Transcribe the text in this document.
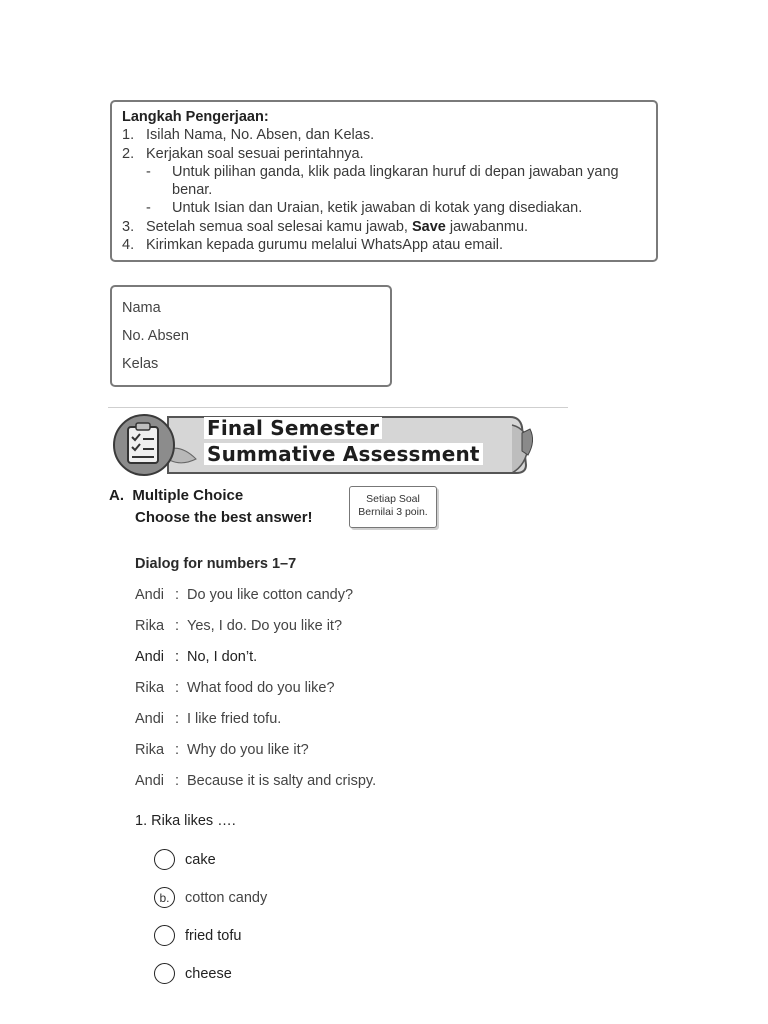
Langkah Pengerjaan:
1. Isilah Nama, No. Absen, dan Kelas.
2. Kerjakan soal sesuai perintahnya.
-	Untuk pilihan ganda, klik pada lingkaran huruf di depan jawaban yang benar.
-	Untuk Isian dan Uraian, ketik jawaban di kotak yang disediakan.
3. Setelah semua soal selesai kamu jawab, Save jawabanmu.
4. Kirimkan kepada gurumu melalui WhatsApp atau email.
Nama
No. Absen
Kelas
Final Semester
Summative Assessment
A. Multiple Choice
Choose the best answer!
Setiap Soal
Bernilai 3 poin.
Dialog for numbers 1–7
Andi : Do you like cotton candy?
Rika : Yes, I do. Do you like it?
Andi : No, I don’t.
Rika : What food do you like?
Andi : I like fried tofu.
Rika : Why do you like it?
Andi : Because it is salty and crispy.
1. Rika likes ….
cake
b.	cotton candy
fried tofu
cheese
